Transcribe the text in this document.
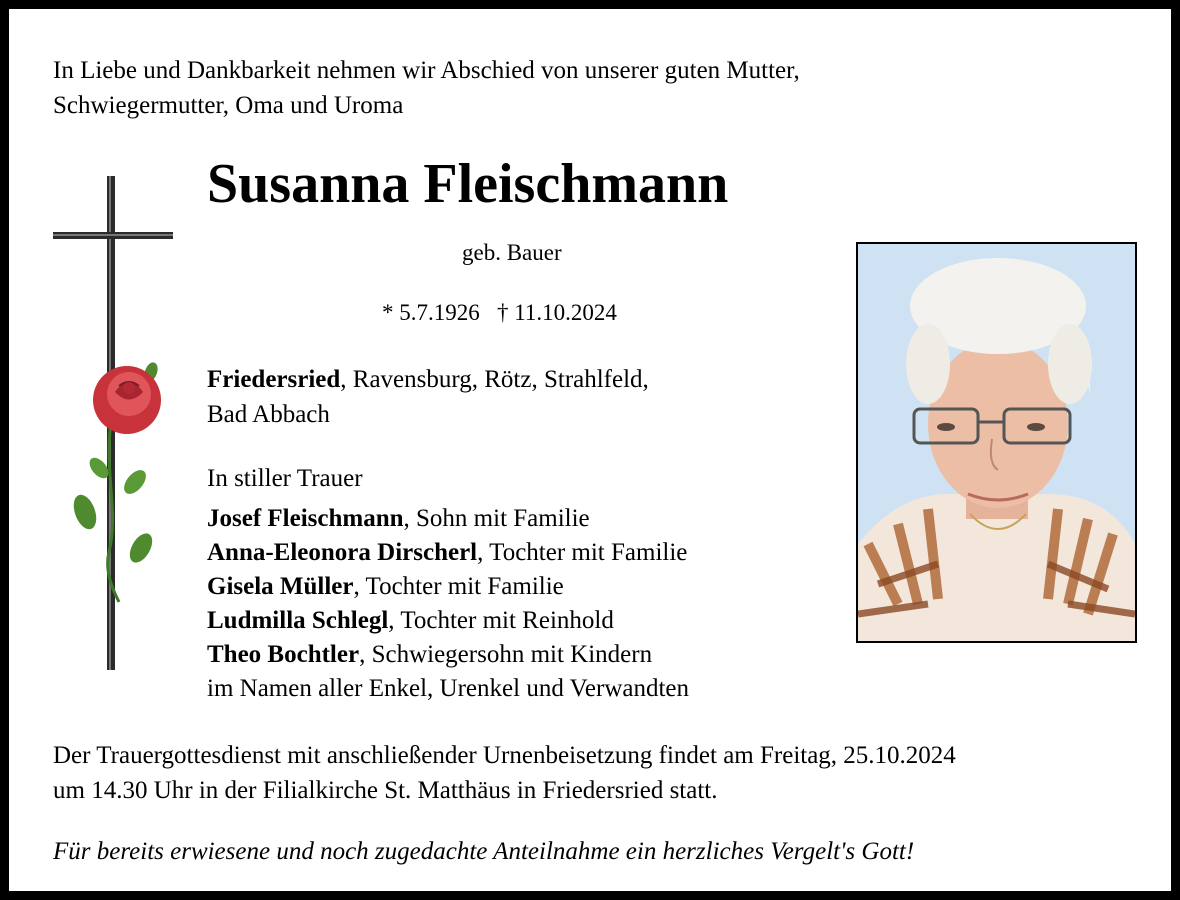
In Liebe und Dankbarkeit nehmen wir Abschied von unserer guten Mutter,
Schwiegermutter, Oma und Uroma
Susanna Fleischmann
geb. Bauer
* 5.7.1926 † 11.10.2024
Friedersried, Ravensburg, Rötz, Strahlfeld,
Bad Abbach
In stiller Trauer
Josef Fleischmann, Sohn mit Familie
Anna-Eleonora Dirscherl, Tochter mit Familie
Gisela Müller, Tochter mit Familie
Ludmilla Schlegl, Tochter mit Reinhold
Theo Bochtler, Schwiegersohn mit Kindern
im Namen aller Enkel, Urenkel und Verwandten
Der Trauergottesdienst mit anschließender Urnenbeisetzung findet am Freitag, 25.10.2024
um 14.30 Uhr in der Filialkirche St. Matthäus in Friedersried statt.
Für bereits erwiesene und noch zugedachte Anteilnahme ein herzliches Vergelt's Gott!
